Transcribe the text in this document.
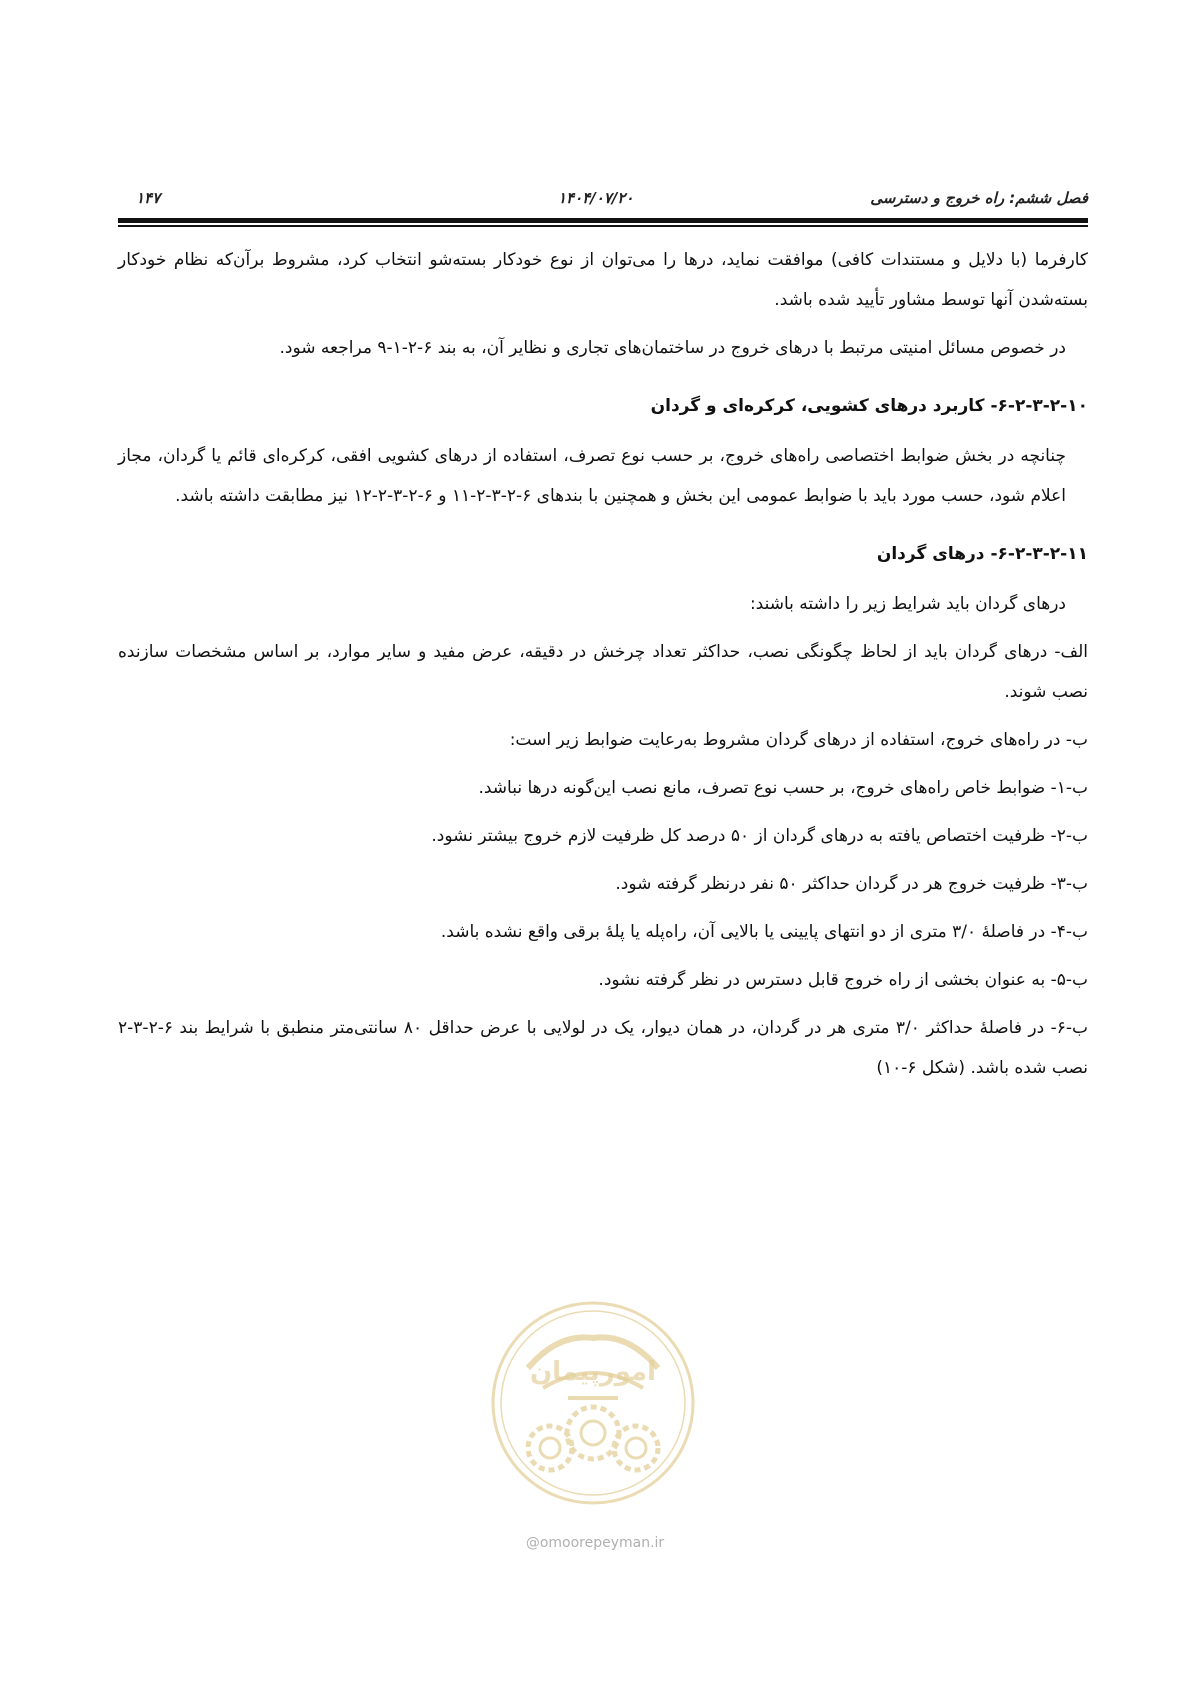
فصل ششم: راه خروج و دسترسی
۱۴۰۴/۰۷/۲۰
۱۴۷

کارفرما (با دلایل و مستندات کافی) موافقت نماید، درها را می‌توان از نوع خودکار بسته‌شو انتخاب کرد، مشروط برآن‌که نظام خودکار بسته‌شدن آنها توسط مشاور تأیید شده باشد.

در خصوص مسائل امنیتی مرتبط با درهای خروج در ساختمان‌های تجاری و نظایر آن، به بند ۶-۲-۱-۹ مراجعه شود.

۶-۲-۳-۲-۱۰- کاربرد درهای کشویی، کرکره‌ای و گردان

چنانچه در بخش ضوابط اختصاصی راه‌های خروج، بر حسب نوع تصرف، استفاده از درهای کشویی افقی، کرکره‌ای قائم یا گردان، مجاز اعلام شود، حسب مورد باید با ضوابط عمومی این بخش و همچنین با بندهای ۶-۲-۳-۲-۱۱ و ۶-۲-۳-۲-۱۲ نیز مطابقت داشته باشد.

۶-۲-۳-۲-۱۱- درهای گردان

درهای گردان باید شرایط زیر را داشته باشند:

الف- درهای گردان باید از لحاظ چگونگی نصب، حداکثر تعداد چرخش در دقیقه، عرض مفید و سایر موارد، بر اساس مشخصات سازنده نصب شوند.

ب- در راه‌های خروج، استفاده از درهای گردان مشروط به‌رعایت ضوابط زیر است:

ب-۱- ضوابط خاص راه‌های خروج، بر حسب نوع تصرف، مانع نصب این‌گونه درها نباشد.

ب-۲- ظرفیت اختصاص یافته به درهای گردان از ۵۰ درصد کل ظرفیت لازم خروج بیشتر نشود.

ب-۳- ظرفیت خروج هر در گردان حداکثر ۵۰ نفر درنظر گرفته شود.

ب-۴- در فاصلهٔ ۳/۰ متری از دو انتهای پایینی یا بالایی آن، راه‌پله یا پلهٔ برقی واقع نشده باشد.

ب-۵- به عنوان بخشی از راه خروج قابل دسترس در نظر گرفته نشود.

ب-۶- در فاصلهٔ حداکثر ۳/۰ متری هر در گردان، در همان دیوار، یک در لولایی با عرض حداقل ۸۰ سانتی‌متر منطبق با شرایط بند ۶-۲-۳-۲ نصب شده باشد. (شکل ۶-۱۰)

امورپیمان
@omoorepeyman.ir
